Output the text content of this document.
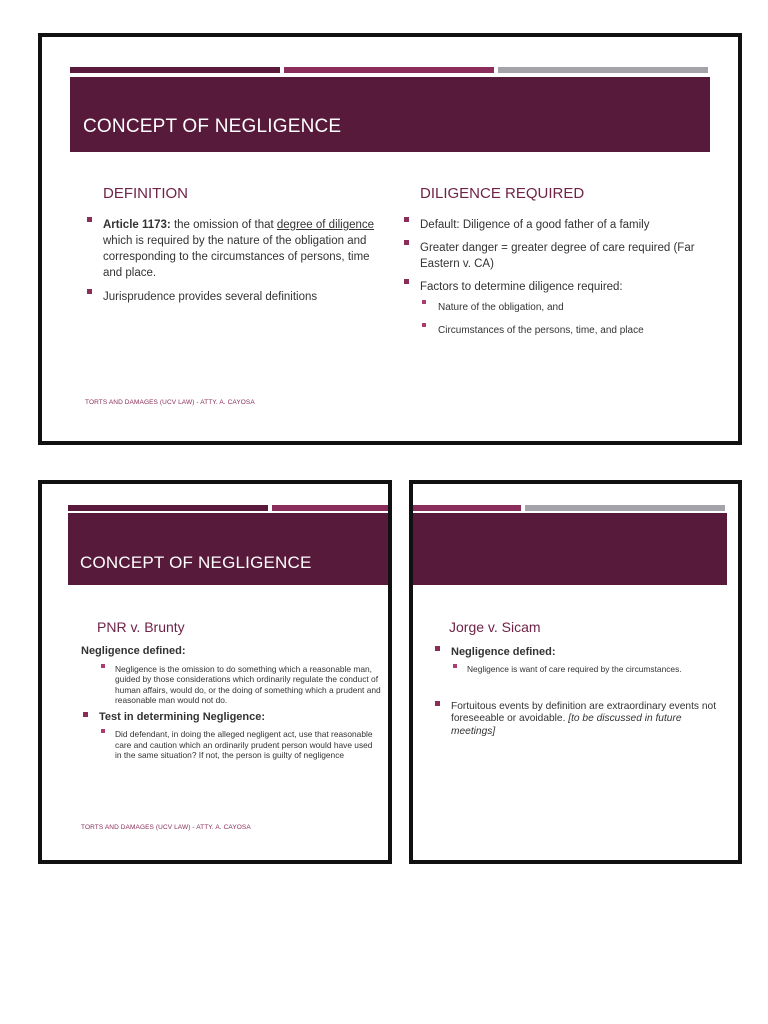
CONCEPT OF NEGLIGENCE
DEFINITION
Article 1173: the omission of that degree of diligence which is required by the nature of the obligation and corresponding to the circumstances of persons, time and place.
Jurisprudence provides several definitions
DILIGENCE REQUIRED
Default: Diligence of a good father of a family
Greater danger = greater degree of care required (Far Eastern v. CA)
Factors to determine diligence required:
Nature of the obligation, and
Circumstances of the persons, time, and place
TORTS AND DAMAGES (UCV LAW) - ATTY. A. CAYOSA
CONCEPT OF NEGLIGENCE
PNR v. Brunty
Negligence defined:
Negligence is the omission to do something which a reasonable man, guided by those considerations which ordinarily regulate the conduct of human affairs, would do, or the doing of something which a prudent and reasonable man would not do.
Test in determining Negligence:
Did defendant, in doing the alleged negligent act, use that reasonable care and caution which an ordinarily prudent person would have used in the same situation? If not, the person is guilty of negligence
TORTS AND DAMAGES (UCV LAW) - ATTY. A. CAYOSA
Jorge v. Sicam
Negligence defined:
Negligence is want of care required by the circumstances.
Fortuitous events by definition are extraordinary events not foreseeable or avoidable. [to be discussed in future meetings]
